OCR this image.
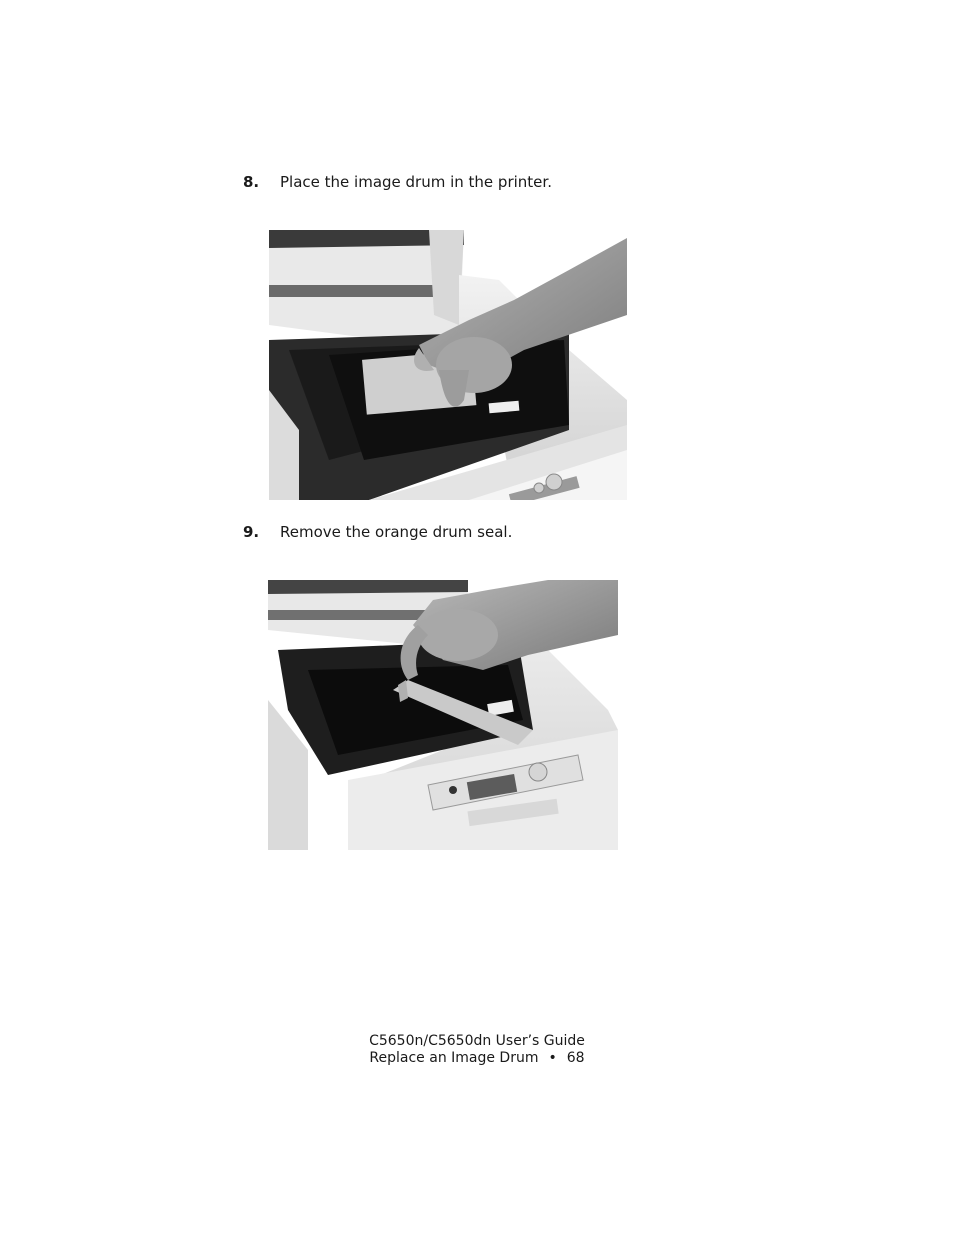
8. Place the image drum in the printer.
9. Remove the orange drum seal.
C5650n/C5650dn User’s Guide
Replace an Image Drum • 68
